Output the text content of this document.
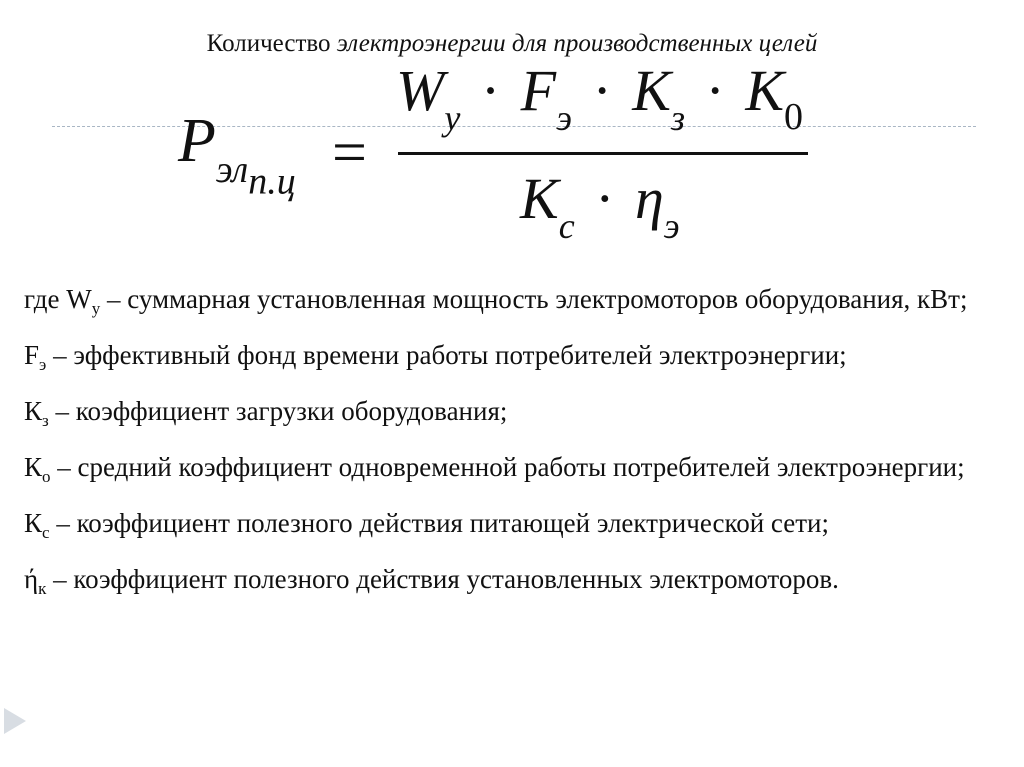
Количество электроэнергии для производственных целей
$P_{эл_{п.ц}}$ =
$W_у \cdot F_э \cdot K_з \cdot K_0$
$K_с \cdot \eta_э$

где $W_у$ – суммарная установленная мощность электромоторов оборудования, кВт;

$F_э$ – эффективный фонд времени работы потребителей электроэнергии;

$К_з$ – коэффициент загрузки оборудования;

$К_о$ – средний коэффициент одновременной работы потребителей электроэнергии;

$К_с$ – коэффициент полезного действия питающей электрической сети;

$ή_к$ – коэффициент полезного действия установленных электромоторов.
